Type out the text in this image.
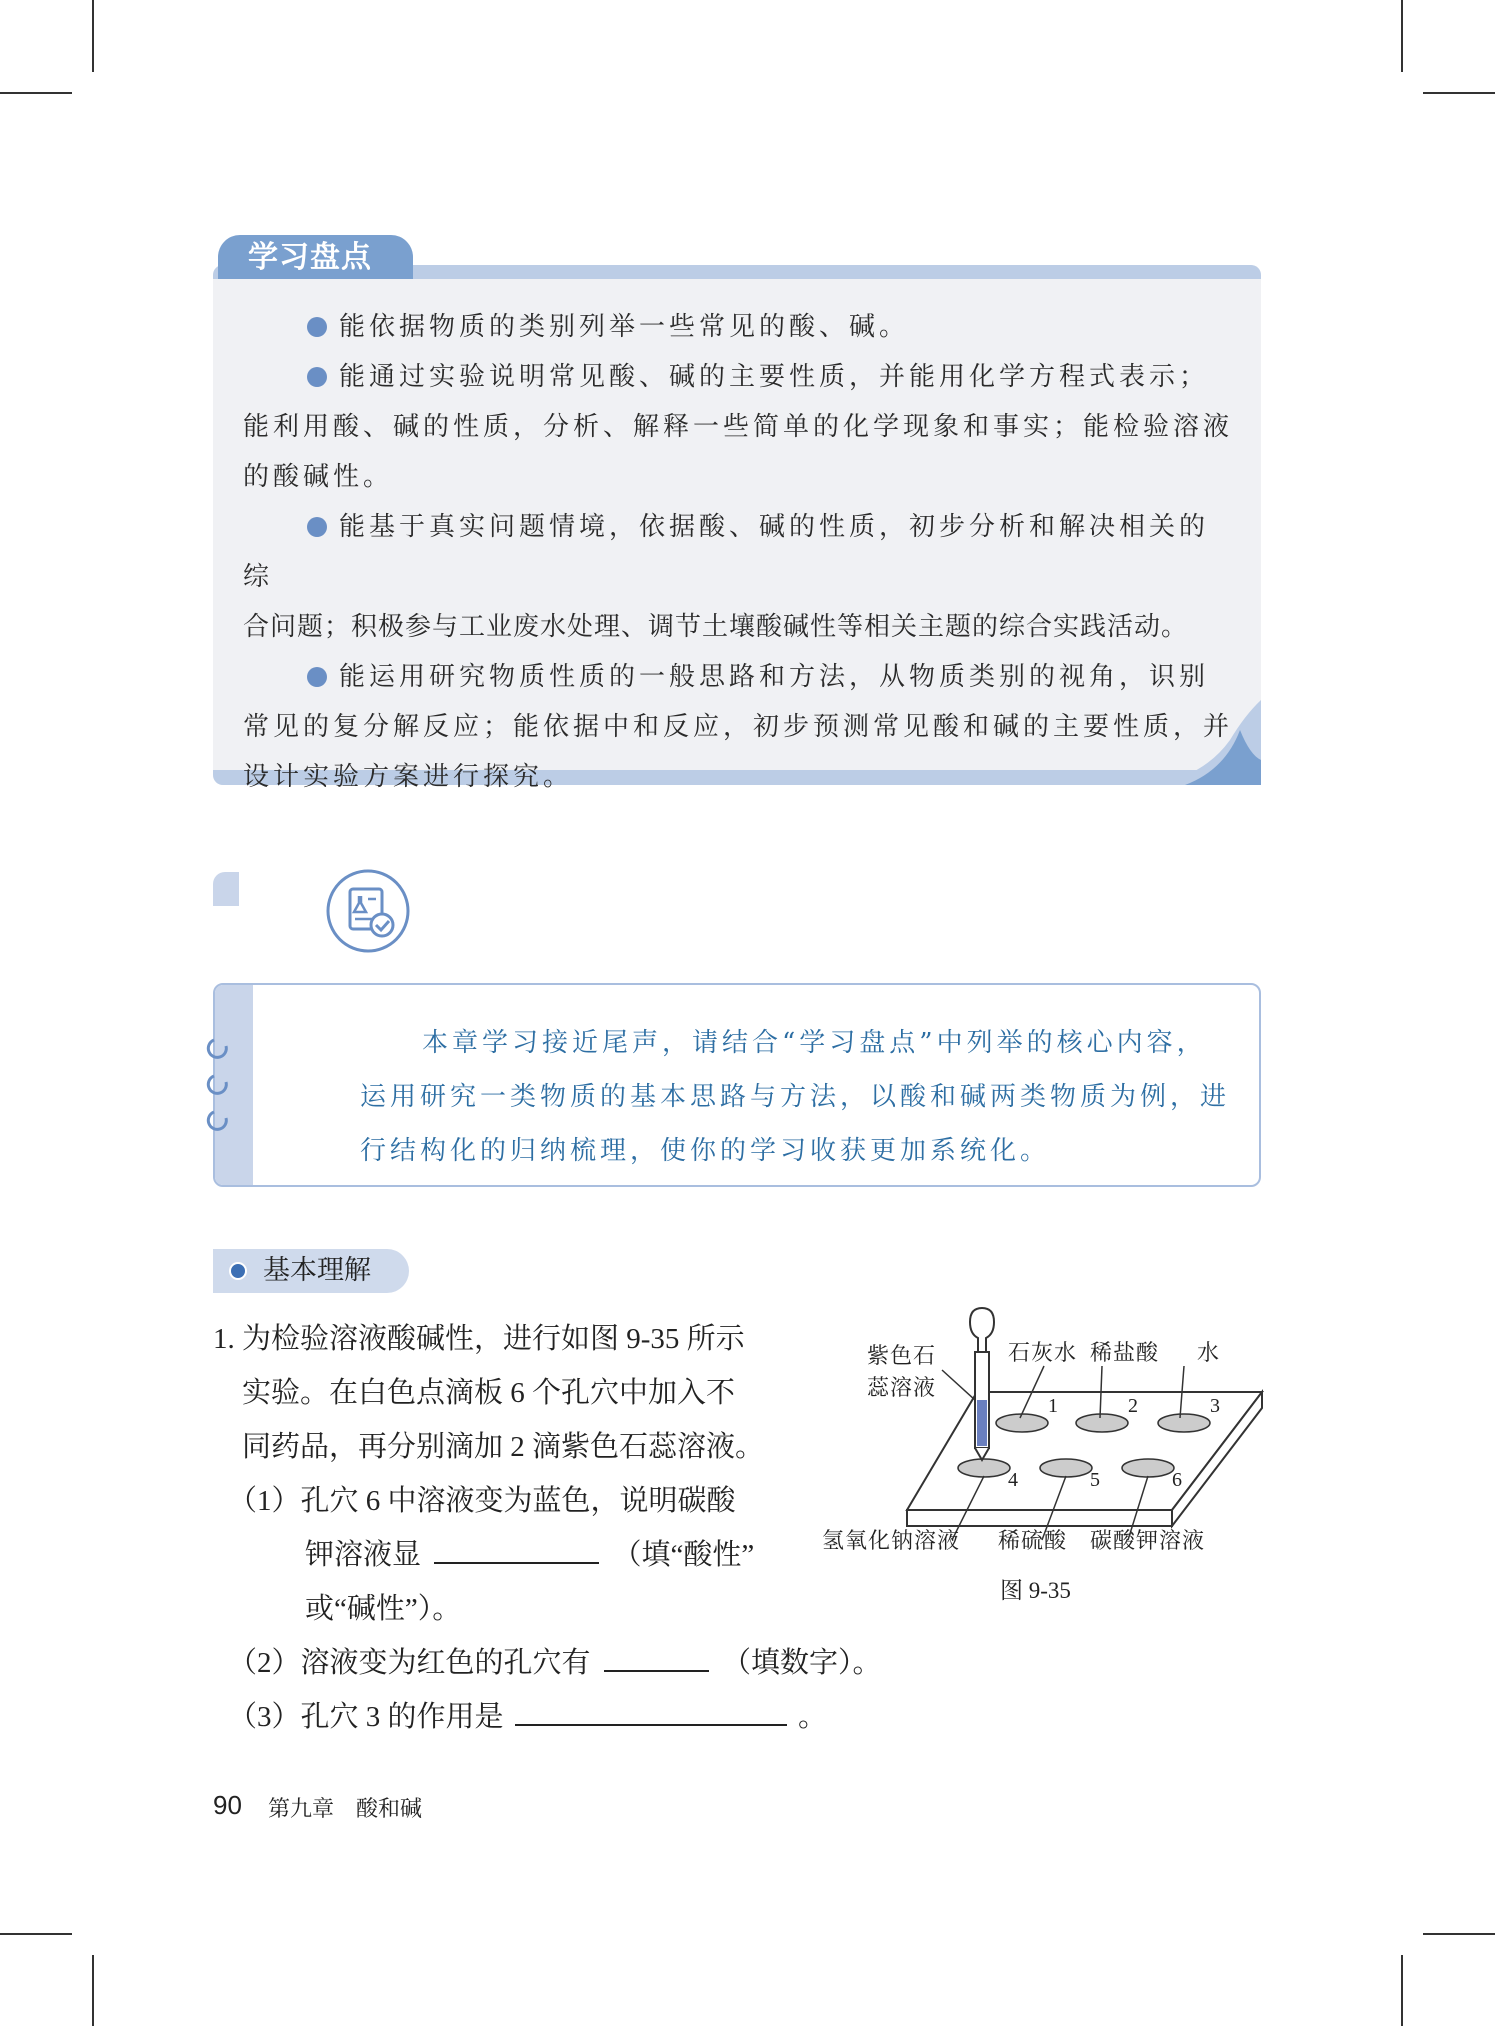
学习盘点

能依据物质的类别列举一些常见的酸、碱。

能通过实验说明常见酸、碱的主要性质，并能用化学方程式表示；

能利用酸、碱的性质，分析、解释一些简单的化学现象和事实；能检验溶液

的酸碱性。

能基于真实问题情境，依据酸、碱的性质，初步分析和解决相关的综

合问题；积极参与工业废水处理、调节土壤酸碱性等相关主题的综合实践活动。

能运用研究物质性质的一般思路和方法，从物质类别的视角，识别

常见的复分解反应；能依据中和反应，初步预测常见酸和碱的主要性质，并

设计实验方案进行探究。

本章学习接近尾声，请结合“学习盘点”中列举的核心内容，

运用研究一类物质的基本思路与方法，以酸和碱两类物质为例，进

行结构化的归纳梳理，使你的学习收获更加系统化。

基本理解
1. 为检验溶液酸碱性，进行如图 9-35 所示
实验。在白色点滴板 6 个孔穴中加入不
同药品，再分别滴加 2 滴紫色石蕊溶液。
（1）孔穴 6 中溶液变为蓝色，说明碳酸
钾溶液显	（填“酸性”
或“碱性”）。
（2）溶液变为红色的孔穴有	（填数字）。
（3）孔穴 3 的作用是	。
紫色石
蕊溶液
石灰水 稀盐酸 水
1	2	3
4	5	6
氢氧化钠溶液 稀硫酸 碳酸钾溶液
图 9-35
90 第九章　酸和碱
